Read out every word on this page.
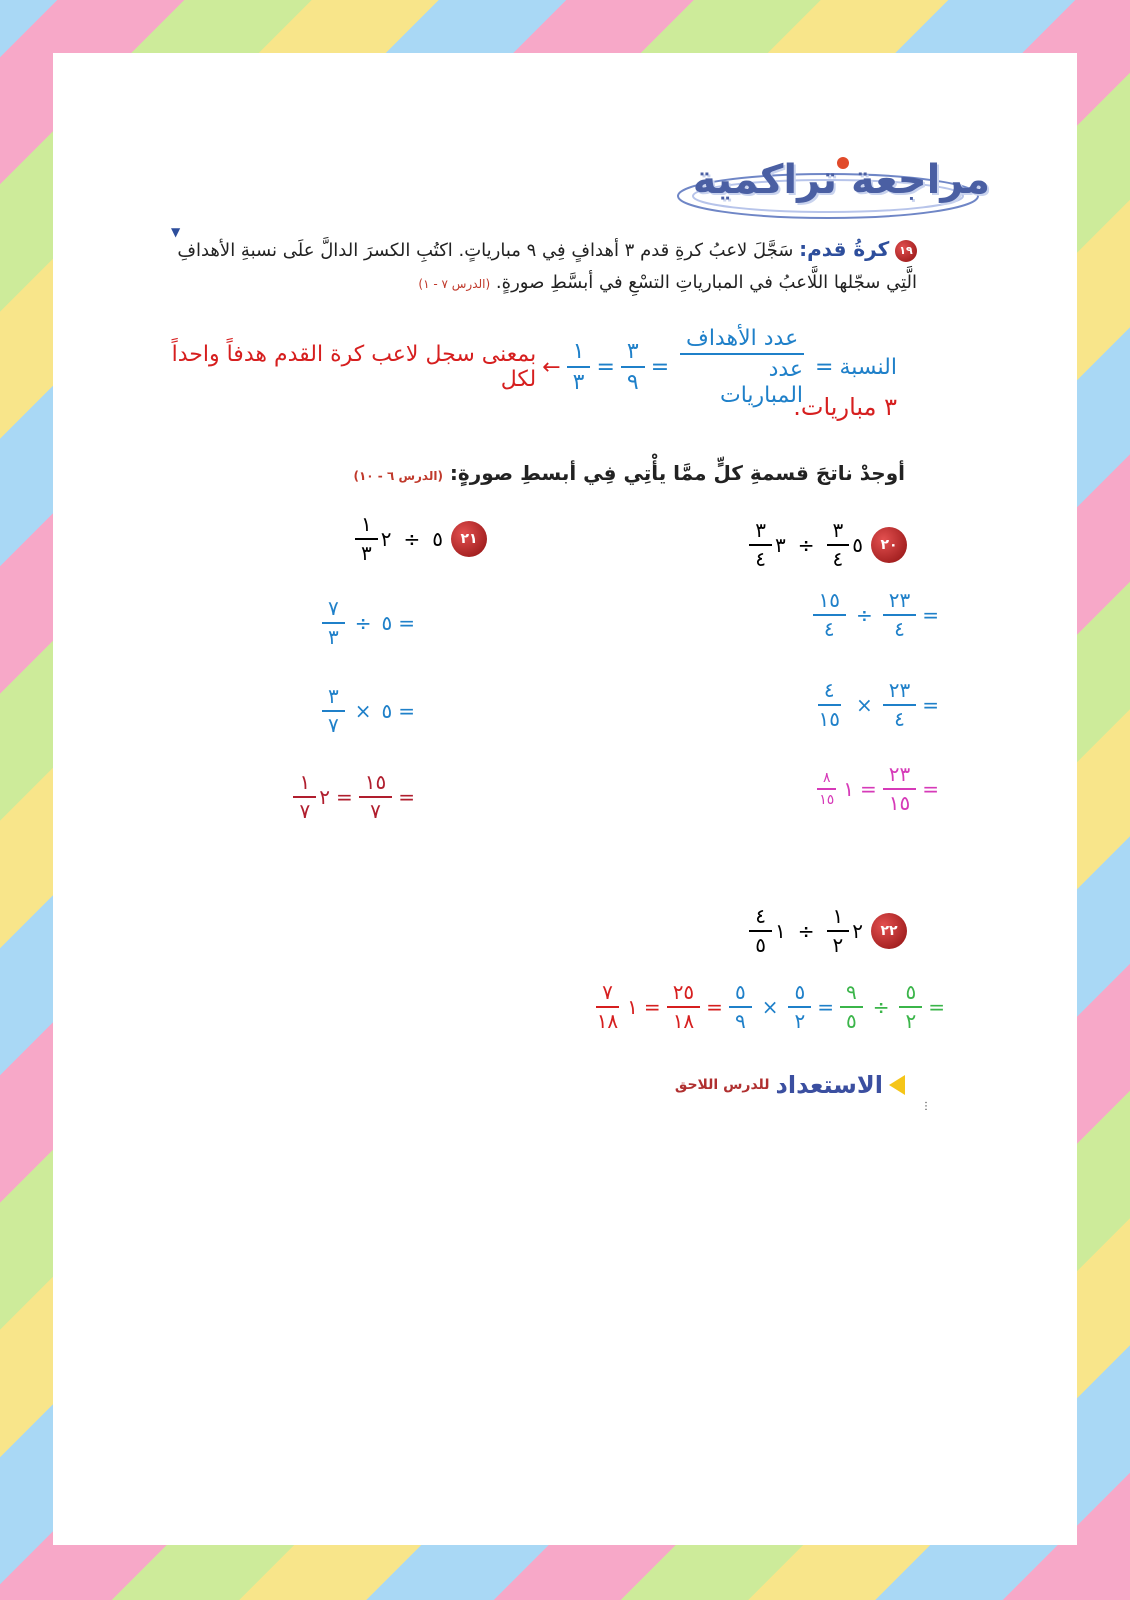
مراجعة تراكمية
▼
١٩ كرةُ قدم: سَجَّلَ لاعبُ كرةِ قدم ٣ أهدافٍ فِي ٩ مبارياتٍ. اكتُبِ الكسرَ الدالَّ علَى نسبةِ الأهدافِ الَّتِي سجّلها اللَّاعبُ في المبارياتِ التسْعِ في أبسَّطِ صورةٍ. (الدرس ٧ - ١)
النسبة
=
$\frac{\text{عدد الأهداف}}{\text{عدد المباريات}}$
=
$\frac{٣}{٩}$
=
$\frac{١}{٣}$
←
بمعنى سجل لاعب كرة القدم هدفاً واحداً لكل
٣ مباريات.
أوجدْ ناتجَ قسمةِ كلٍّ ممَّا يأْتِي فِي أبسطِ صورةٍ: (الدرس ٦ - ١٠)
٢٠
٥
$\frac{٣}{٤}$
÷
٣
$\frac{٣}{٤}$
=
$\frac{٢٣}{٤}$
÷
$\frac{١٥}{٤}$
=
$\frac{٢٣}{٤}$
×
$\frac{٤}{١٥}$
=
$\frac{٢٣}{١٥}$
=
١
$\frac{٨}{١٥}$
٢١
٥
÷
٢
$\frac{١}{٣}$
=
٥
÷
$\frac{٧}{٣}$
=
٥
×
$\frac{٣}{٧}$
=
$\frac{١٥}{٧}$
=
٢
$\frac{١}{٧}$
٢٢
٢
$\frac{١}{٢}$
÷
١
$\frac{٤}{٥}$
=
$\frac{٥}{٢}$
÷
$\frac{٩}{٥}$
=
$\frac{٥}{٢}$
×
$\frac{٥}{٩}$
=
$\frac{٢٥}{١٨}$
=
١
$\frac{٧}{١٨}$
الاستعداد
للدرس اللاحق
⋮
